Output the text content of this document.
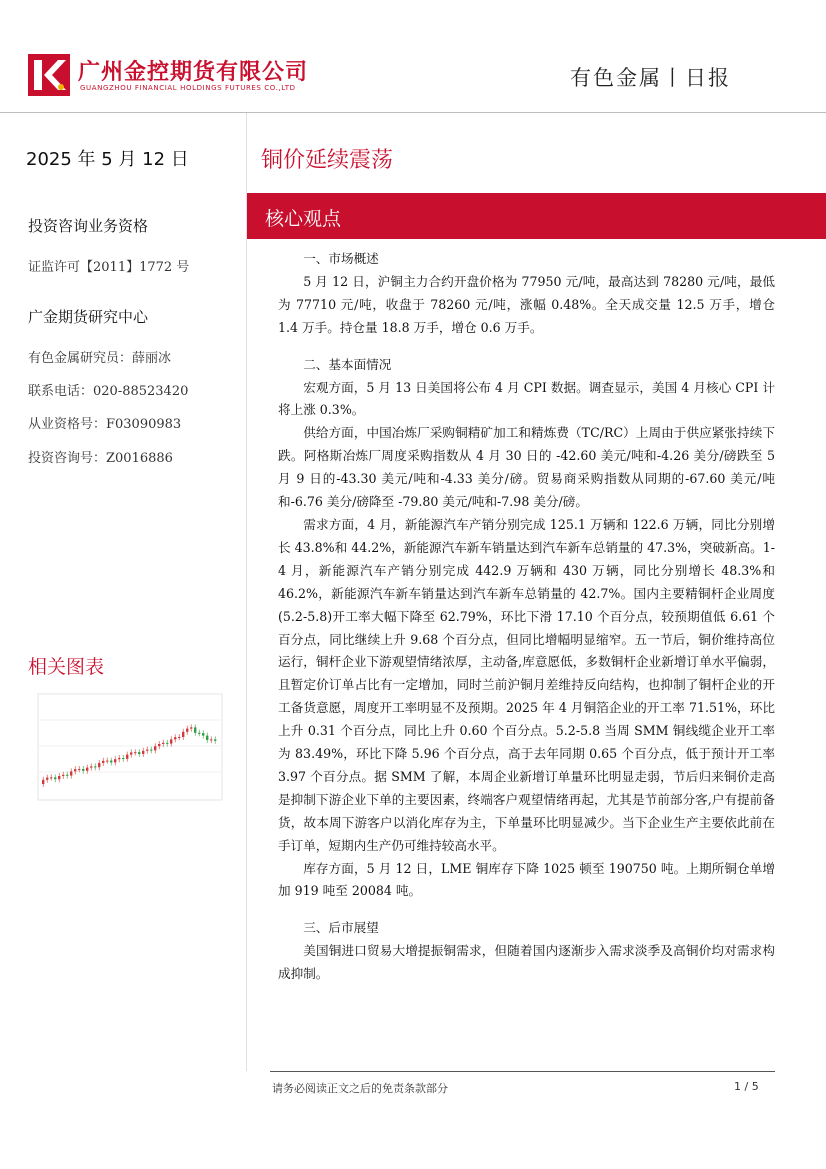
广州金控期货有限公司
GUANGZHOU FINANCIAL HOLDINGS FUTURES CO.,LTD	有色金属丨日报
2025 年 5 月 12 日
投资咨询业务资格
证监许可【2011】1772 号
广金期货研究中心
有色金属研究员：薛丽冰
联系电话：020-88523420
从业资格号：F03090983
投资咨询号：Z0016886
相关图表
铜价延续震荡
核心观点

一、市场概述

5 月 12 日，沪铜主力合约开盘价格为 77950 元/吨，最高达到 78280 元/吨，最低为 77710 元/吨，收盘于 78260 元/吨，涨幅 0.48%。全天成交量 12.5 万手，增仓 1.4 万手。持仓量 18.8 万手，增仓 0.6 万手。

二、基本面情况

宏观方面，5 月 13 日美国将公布 4 月 CPI 数据。调查显示，美国 4 月核心 CPI 计将上涨 0.3%。

供给方面，中国冶炼厂采购铜精矿加工和精炼费（TC/RC）上周由于供应紧张持续下跌。阿格斯冶炼厂周度采购指数从 4 月 30 日的 -42.60 美元/吨和-4.26 美分/磅跌至 5 月 9 日的-43.30 美元/吨和-4.33 美分/磅。贸易商采购指数从同期的-67.60 美元/吨和-6.76 美分/磅降至 -79.80 美元/吨和-7.98 美分/磅。

需求方面，4 月，新能源汽车产销分别完成 125.1 万辆和 122.6 万辆，同比分别增长 43.8%和 44.2%，新能源汽车新车销量达到汽车新车总销量的 47.3%，突破新高。1-4 月，新能源汽车产销分别完成 442.9 万辆和 430 万辆，同比分别增长 48.3%和 46.2%，新能源汽车新车销量达到汽车新车总销量的 42.7%。国内主要精铜杆企业周度(5.2-5.8)开工率大幅下降至 62.79%，环比下滑 17.10 个百分点，较预期值低 6.61 个百分点，同比继续上升 9.68 个百分点，但同比增幅明显缩窄。五一节后，铜价维持高位运行，铜杆企业下游观望情绪浓厚，主动备,库意愿低，多数铜杆企业新增订单水平偏弱，且暂定价订单占比有一定增加，同时兰前沪铜月差维持反向结构，也抑制了铜杆企业的开工备货意愿，周度开工率明显不及预期。2025 年 4 月铜箔企业的开工率 71.51%，环比上升 0.31 个百分点，同比上升 0.60 个百分点。5.2-5.8 当周 SMM 铜线缆企业开工率为 83.49%，环比下降 5.96 个百分点，高于去年同期 0.65 个百分点，低于预计开工率 3.97 个百分点。据 SMM 了解，本周企业新增订单量环比明显走弱，节后归来铜价走高是抑制下游企业下单的主要因素，终端客户观望情绪再起，尤其是节前部分客,户有提前备货，故本周下游客户以消化库存为主，下单量环比明显减少。当下企业生产主要依此前在手订单，短期内生产仍可维持较高水平。

库存方面，5 月 12 日，LME 铜库存下降 1025 顿至 190750 吨。上期所铜仓单增加 919 吨至 20084 吨。

三、后市展望

美国铜进口贸易大增提振铜需求，但随着国内逐渐步入需求淡季及高铜价均对需求构成抑制。

请务必阅读正文之后的免责条款部分	1 / 5
